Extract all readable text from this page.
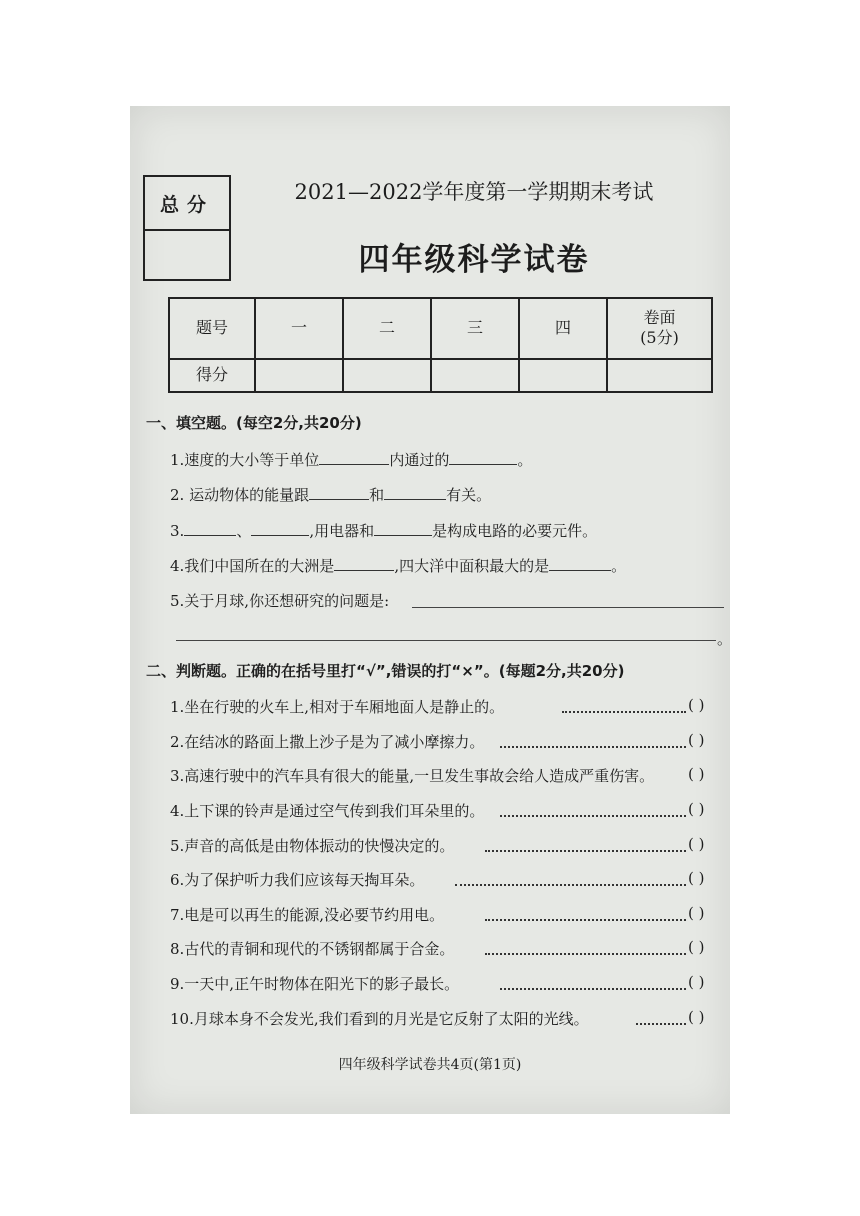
总分
2021—2022学年度第一学期期末考试
四年级科学试卷
题号	一	二	三	四	卷面
(5分)

得分					
一、填空题。(每空2分,共20分)
1.速度的大小等于单位	内通过的	。
2. 运动物体的能量跟	和	有关。
3.	、	,用电器和	是构成电路的必要元件。
4.我们中国所在的大洲是	,四大洋中面积最大的是	。
5.关于月球,你还想研究的问题是:
。
二、判断题。正确的在括号里打“√”,错误的打“×”。(每题2分,共20分)
1.坐在行驶的火车上,相对于车厢地面人是静止的。	( )
2.在结冰的路面上撒上沙子是为了减小摩擦力。	( )
3.高速行驶中的汽车具有很大的能量,一旦发生事故会给人造成严重伤害。 ( )
4.上下课的铃声是通过空气传到我们耳朵里的。	( )
5.声音的高低是由物体振动的快慢决定的。	( )
6.为了保护听力我们应该每天掏耳朵。	( )
7.电是可以再生的能源,没必要节约用电。	( )
8.古代的青铜和现代的不锈钢都属于合金。	( )
9.一天中,正午时物体在阳光下的影子最长。	( )
10.月球本身不会发光,我们看到的月光是它反射了太阳的光线。	( )
四年级科学试卷共4页(第1页)
